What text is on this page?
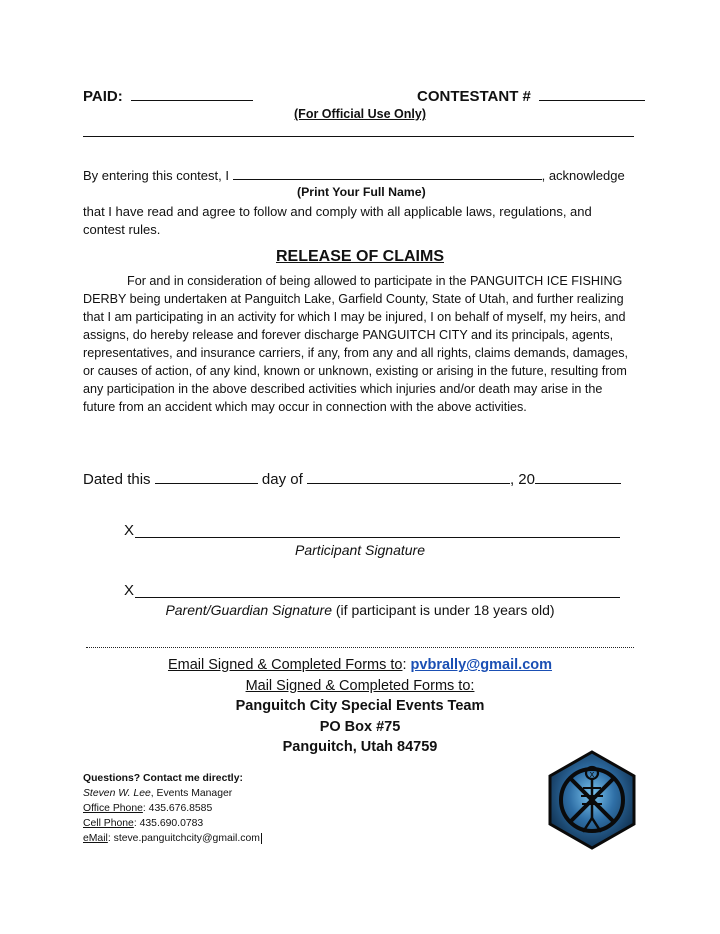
PAID:	CONTESTANT #
(For Official Use Only)
By entering this contest, I	, acknowledge
(Print Your Full Name)
that I have read and agree to follow and comply with all applicable laws, regulations, and contest rules.
RELEASE OF CLAIMS
For and in consideration of being allowed to participate in the PANGUITCH ICE FISHING DERBY being undertaken at Panguitch Lake, Garfield County, State of Utah, and further realizing that I am participating in an activity for which I may be injured, I on behalf of myself, my heirs, and assigns, do hereby release and forever discharge PANGUITCH CITY and its principals, agents, representatives, and insurance carriers, if any, from any and all rights, claims demands, damages, or causes of action, of any kind, known or unknown, existing or arising in the future, resulting from any participation in the above described activities which injuries and/or death may arise in the future from an accident which may occur in connection with the above activities.
Dated this	day of	, 20
X
Participant Signature
X
Parent/Guardian Signature (if participant is under 18 years old)
Email Signed & Completed Forms to: pvbrally@gmail.com
Mail Signed & Completed Forms to:
Panguitch City Special Events Team
PO Box #75
Panguitch, Utah 84759
Questions? Contact me directly:
Steven W. Lee, Events Manager
Office Phone: 435.676.8585
Cell Phone: 435.690.0783
eMail: steve.panguitchcity@gmail.com
x
